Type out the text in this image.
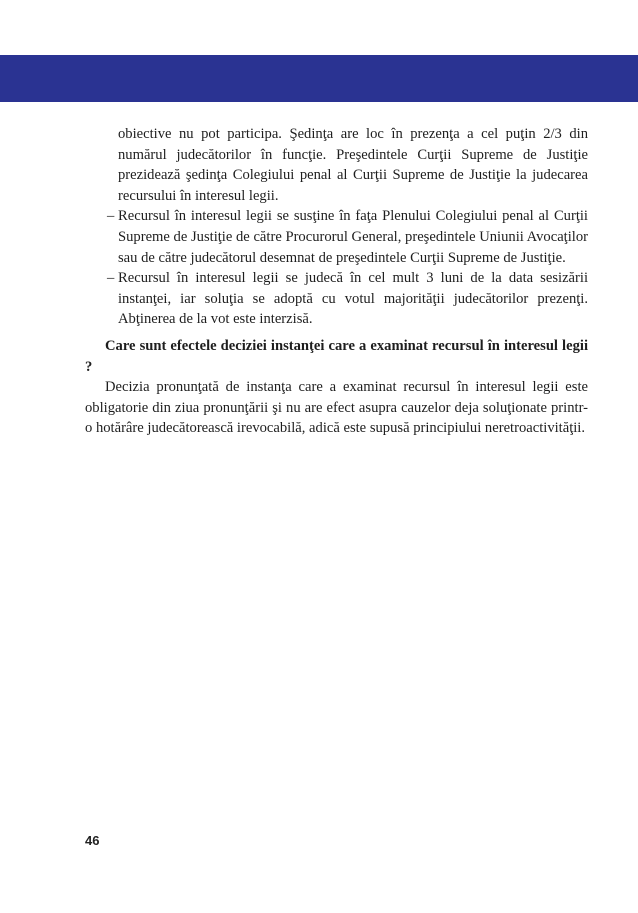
obiective nu pot participa. Şedinţa are loc în prezenţa a cel puţin 2/3 din numărul judecătorilor în funcţie. Preşedintele Curţii Supreme de Justiţie prezidează şedinţa Colegiului penal al Curţii Supreme de Justiţie la judecarea recursului în interesul legii.

– Recursul în interesul legii se susţine în faţa Plenului Colegiului penal al Curţii Supreme de Justiţie de către Procurorul General, preşedintele Uniunii Avocaţilor sau de către judecătorul desemnat de preşedintele Curţii Supreme de Justiţie.

– Recursul în interesul legii se judecă în cel mult 3 luni de la data sesizării instanţei, iar soluţia se adoptă cu votul majorităţii judecătorilor prezenţi. Abţinerea de la vot este interzisă.

Care sunt efectele deciziei instanţei care a examinat recursul în interesul legii ?

Decizia pronunţată de instanţa care a examinat recursul în interesul legii este obligatorie din ziua pronunţării şi nu are efect asupra cauzelor deja soluţionate printr-o hotărâre judecătorească irevocabilă, adică este supusă principiului neretroactivităţii.

46
